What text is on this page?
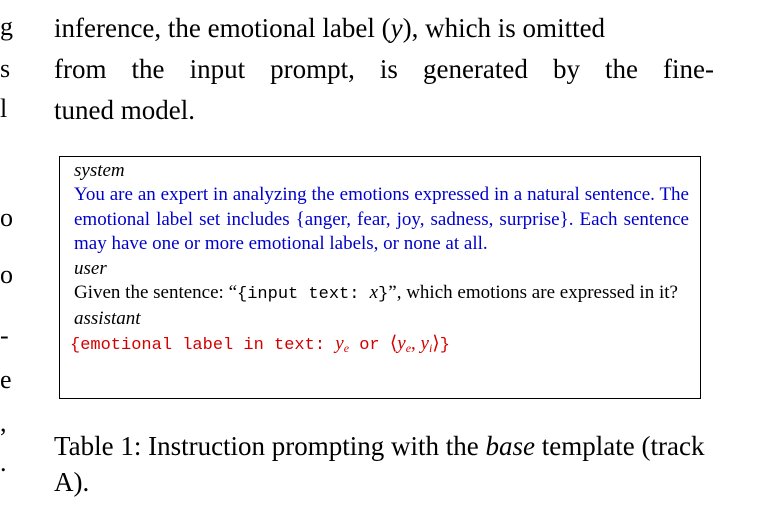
g
s
l
o
o
-
e
,
.
inference, the emotional label (y), which is omitted
from the input prompt, is generated by the fine-
tuned model.
system
You are an expert in analyzing the emotions expressed in a natural sentence. The emotional label set includes {anger, fear, joy, sadness, surprise}. Each sentence may have one or more emotional labels, or none at all.
user
Given the sentence: “{input text: x}”, which emotions are expressed in it?
assistant
{emotional label in text: $y_e$ or $⟨y_e$, $y_i⟩$}
Table 1: Instruction prompting with the base template (track A).
